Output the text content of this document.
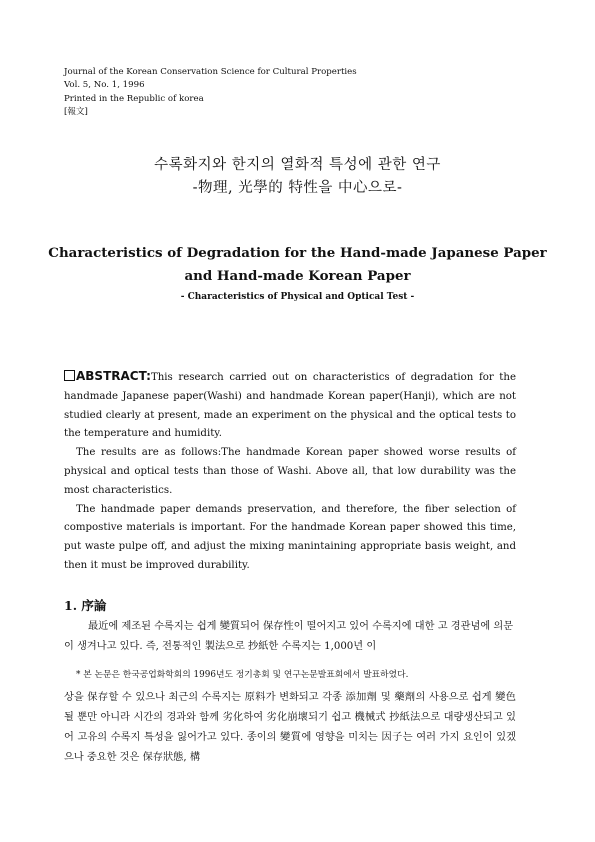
Journal of the Korean Conservation Science for Cultural Properties
Vol. 5, No. 1, 1996
Printed in the Republic of korea
[報文]
수록화지와 한지의 열화적 특성에 관한 연구
-物理, 光學的 特性을 中心으로-
Characteristics of Degradation for the Hand-made Japanese Paper
and Hand-made Korean Paper
- Characteristics of Physical and Optical Test -

ABSTRACT:This research carried out on characteristics of degradation for the handmade Japanese paper(Washi) and handmade Korean paper(Hanji), which are not studied clearly at present, made an experiment on the physical and the optical tests to the temperature and humidity.

The results are as follows:The handmade Korean paper showed worse results of physical and optical tests than those of Washi. Above all, that low durability was the most characteristics.

The handmade paper demands preservation, and therefore, the fiber selection of compostive materials is important. For the handmade Korean paper showed this time, put waste pulpe off, and adjust the mixing manintaining appropriate basis weight, and then it must be improved durability.

1. 序論

最近에 제조된 수록지는 쉽게 變質되어 保存性이 떨어지고 있어 수록지에 대한 고 경관념에 의문이 생겨나고 있다. 즉, 전통적인 製法으로 抄紙한 수록지는 1,000년 이

* 본 논문은 한국공업화학회의 1996년도 정기총회 및 연구논문발표회에서 발표하였다.

상을 保存할 수 있으나 최근의 수록지는 原料가 변화되고 각종 添加劑 및 藥劑의 사용으로 쉽게 變色될 뿐만 아니라 시간의 경과와 함께 劣化하여 劣化崩壞되기 쉽고 機械式 抄紙法으로 대량생산되고 있어 고유의 수록지 특성을 잃어가고 있다. 종이의 變質에 영향을 미치는 因子는 여러 가지 요인이 있겠으나 중요한 것은 保存狀態, 構
